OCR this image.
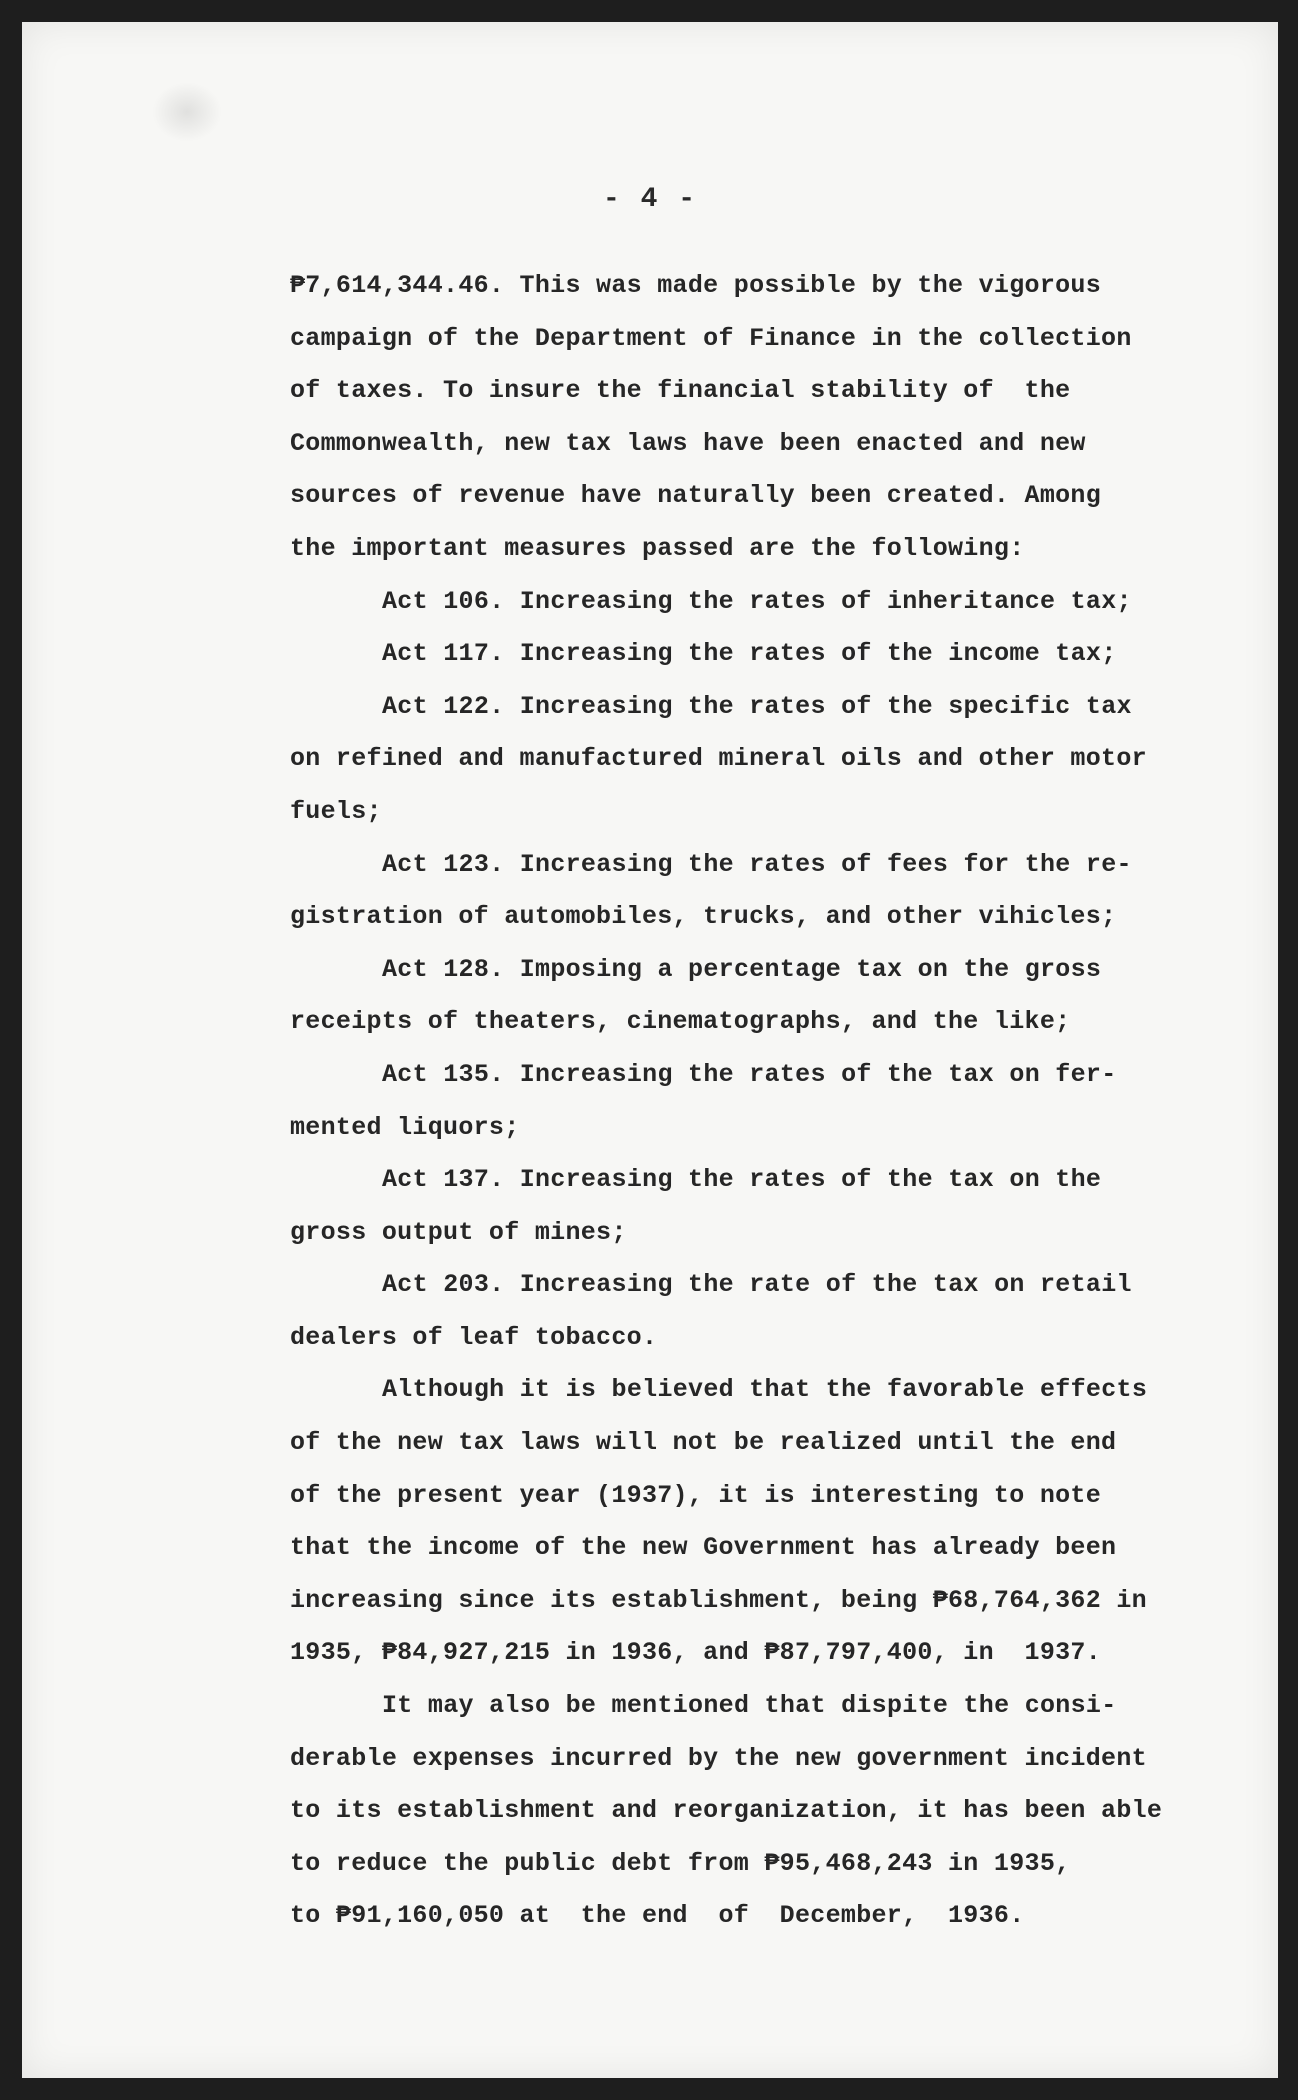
- 4 -
₱7,614,344.46. This was made possible by the vigorous
campaign of the Department of Finance in the collection
of taxes. To insure the financial stability of  the
Commonwealth, new tax laws have been enacted and new
sources of revenue have naturally been created. Among
the important measures passed are the following:
Act 106. Increasing the rates of inheritance tax;
Act 117. Increasing the rates of the income tax;
Act 122. Increasing the rates of the specific tax
on refined and manufactured mineral oils and other motor
fuels;
Act 123. Increasing the rates of fees for the re-
gistration of automobiles, trucks, and other vihicles;
Act 128. Imposing a percentage tax on the gross
receipts of theaters, cinematographs, and the like;
Act 135. Increasing the rates of the tax on fer-
mented liquors;
Act 137. Increasing the rates of the tax on the
gross output of mines;
Act 203. Increasing the rate of the tax on retail
dealers of leaf tobacco.
Although it is believed that the favorable effects
of the new tax laws will not be realized until the end
of the present year (1937), it is interesting to note
that the income of the new Government has already been
increasing since its establishment, being ₱68,764,362 in
1935, ₱84,927,215 in 1936, and ₱87,797,400, in  1937.
It may also be mentioned that dispite the consi-
derable expenses incurred by the new government incident
to its establishment and reorganization, it has been able
to reduce the public debt from ₱95,468,243 in 1935,
to ₱91,160,050 at  the end  of  December,  1936.
